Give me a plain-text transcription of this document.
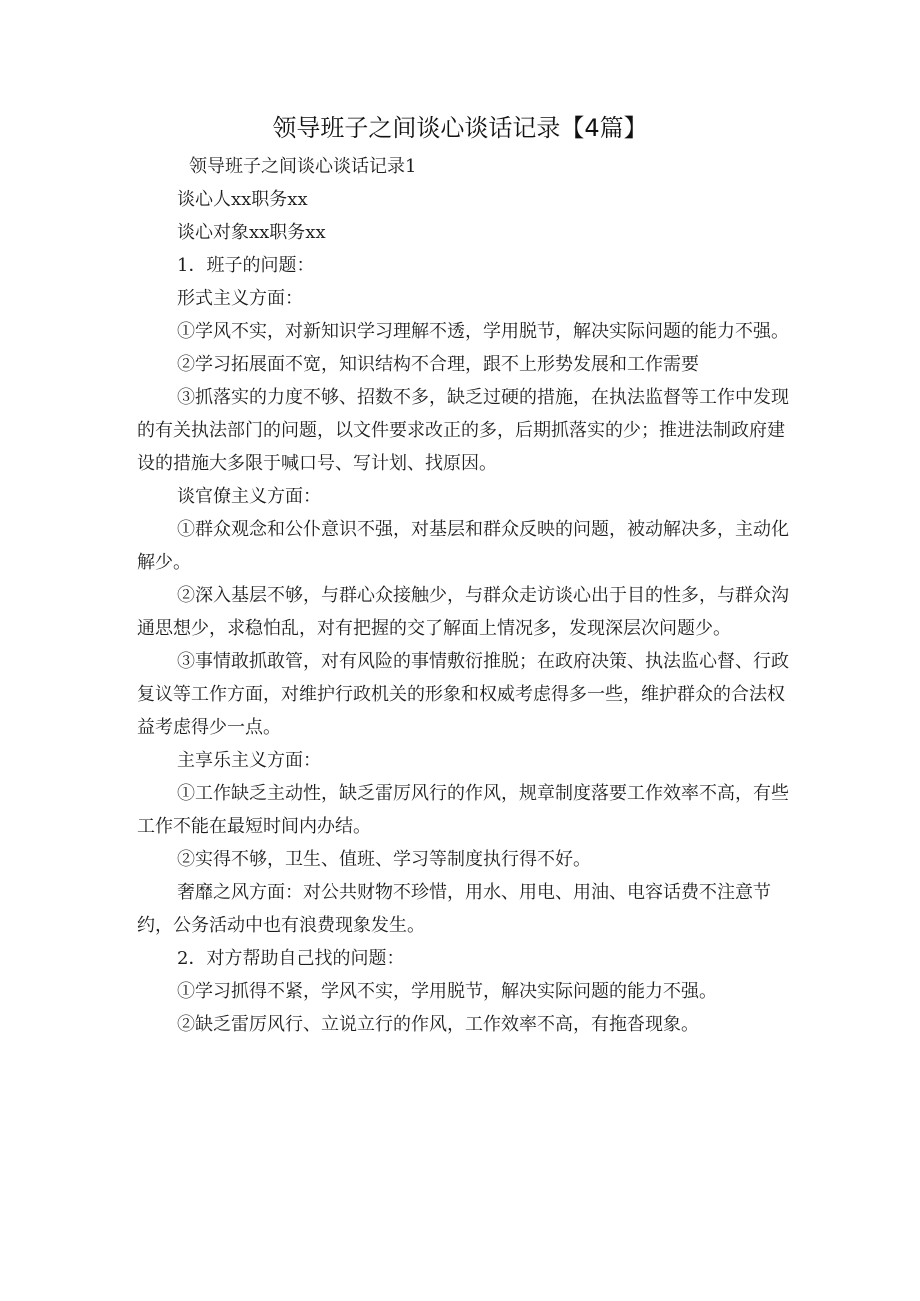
领导班子之间谈心谈话记录【4篇】

领导班子之间谈心谈话记录1

谈心人xx职务xx

谈心对象xx职务xx

1．班子的问题：

形式主义方面：

①学风不实，对新知识学习理解不透，学用脱节，解决实际问题的能力不强。

②学习拓展面不宽，知识结构不合理，跟不上形势发展和工作需要

③抓落实的力度不够、招数不多，缺乏过硬的措施，在执法监督等工作中发现的有关执法部门的问题，以文件要求改正的多，后期抓落实的少；推进法制政府建设的措施大多限于喊口号、写计划、找原因。

谈官僚主义方面：

①群众观念和公仆意识不强，对基层和群众反映的问题，被动解决多，主动化解少。

②深入基层不够，与群心众接触少，与群众走访谈心出于目的性多，与群众沟通思想少，求稳怕乱，对有把握的交了解面上情况多，发现深层次问题少。

③事情敢抓敢管，对有风险的事情敷衍推脱；在政府决策、执法监心督、行政复议等工作方面，对维护行政机关的形象和权威考虑得多一些，维护群众的合法权益考虑得少一点。

主享乐主义方面：

①工作缺乏主动性，缺乏雷厉风行的作风，规章制度落要工作效率不高，有些工作不能在最短时间内办结。

②实得不够，卫生、值班、学习等制度执行得不好。

奢靡之风方面：对公共财物不珍惜，用水、用电、用油、电容话费不注意节约，公务活动中也有浪费现象发生。

2．对方帮助自己找的问题：

①学习抓得不紧，学风不实，学用脱节，解决实际问题的能力不强。

②缺乏雷厉风行、立说立行的作风，工作效率不高，有拖沓现象。
